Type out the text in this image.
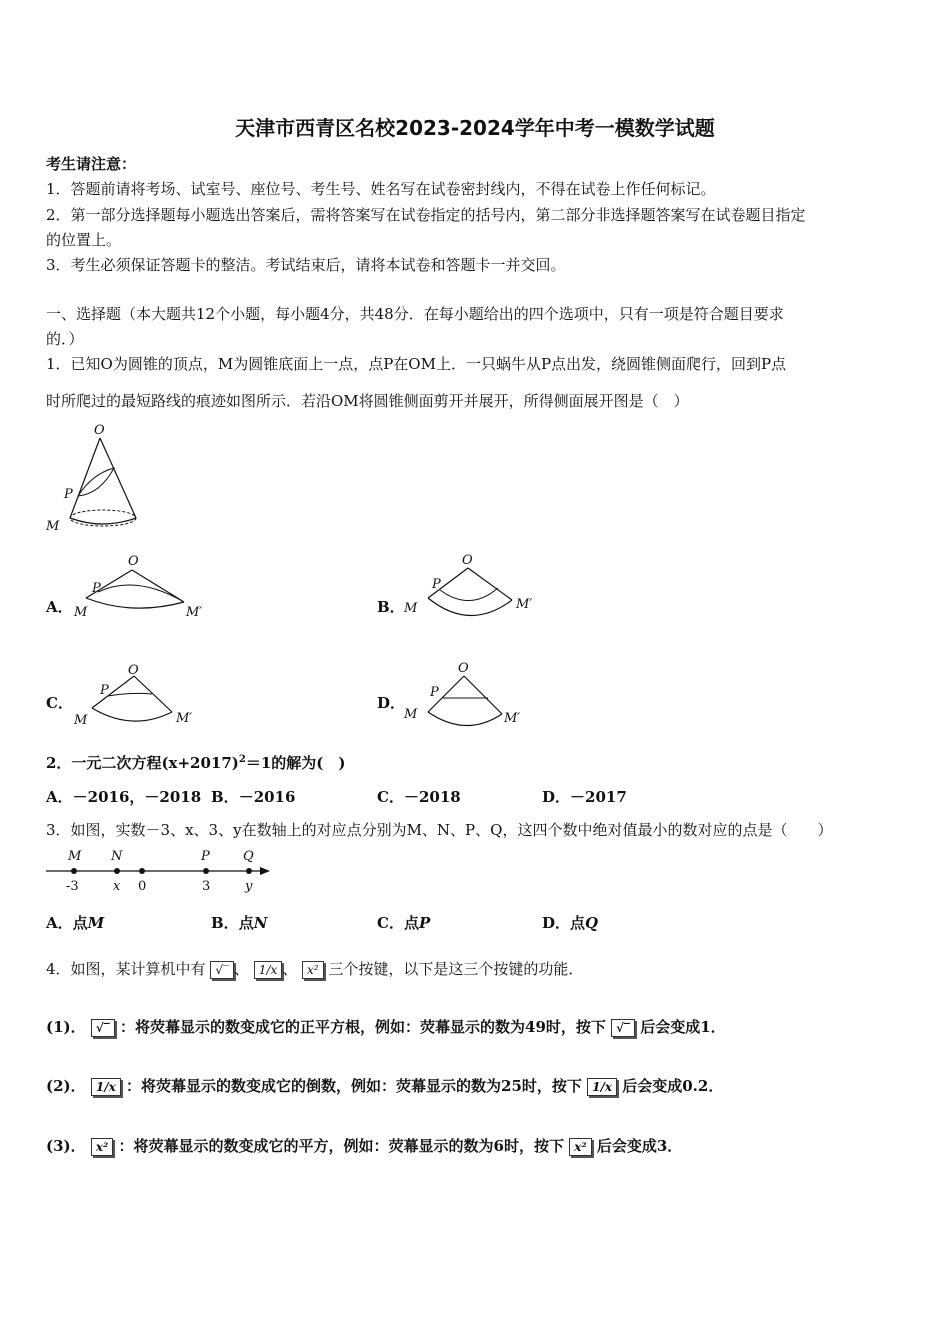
天津市西青区名校2023-2024学年中考一模数学试题
考生请注意：
1．答题前请将考场、试室号、座位号、考生号、姓名写在试卷密封线内，不得在试卷上作任何标记。
2．第一部分选择题每小题选出答案后，需将答案写在试卷指定的括号内，第二部分非选择题答案写在试卷题目指定
的位置上。
3．考生必须保证答题卡的整洁。考试结束后，请将本试卷和答题卡一并交回。
一、选择题（本大题共12个小题，每小题4分，共48分．在每小题给出的四个选项中，只有一项是符合题目要求
的．）
1．已知O为圆锥的顶点，M为圆锥底面上一点，点P在OM上．一只蜗牛从P点出发，绕圆锥侧面爬行，回到P点
时所爬过的最短路线的痕迹如图所示．若沿OM将圆锥侧面剪开并展开，所得侧面展开图是（　）
O
P
M
A．
O
P
M	M′	B．
O
P
M	M′
C．
O
P
M	M′
D．
O
P
M	M′
2．一元二次方程$(x+2017)^2=1$的解为(　)
A．－2016，－2018 B．－2016	C．－2018	D．－2017
3．如图，实数－3、x、3、y在数轴上的对应点分别为M、N、P、Q，这四个数中绝对值最小的数对应的点是（　　）
M N	P	Q
-3	x 0	3	y
A．点M	B．点N	C．点P	D．点Q
4．如图，某计算机中有 √‾ 、 1/x 、 x² 三个按键，以下是这三个按键的功能．
(1)． √‾ ：将荧幕显示的数变成它的正平方根，例如：荧幕显示的数为49时，按下 √‾ 后会变成1．
(2)． 1/x ：将荧幕显示的数变成它的倒数，例如：荧幕显示的数为25时，按下 1/x 后会变成0.2．
(3)． x² ：将荧幕显示的数变成它的平方，例如：荧幕显示的数为6时，按下 x² 后会变成3．
